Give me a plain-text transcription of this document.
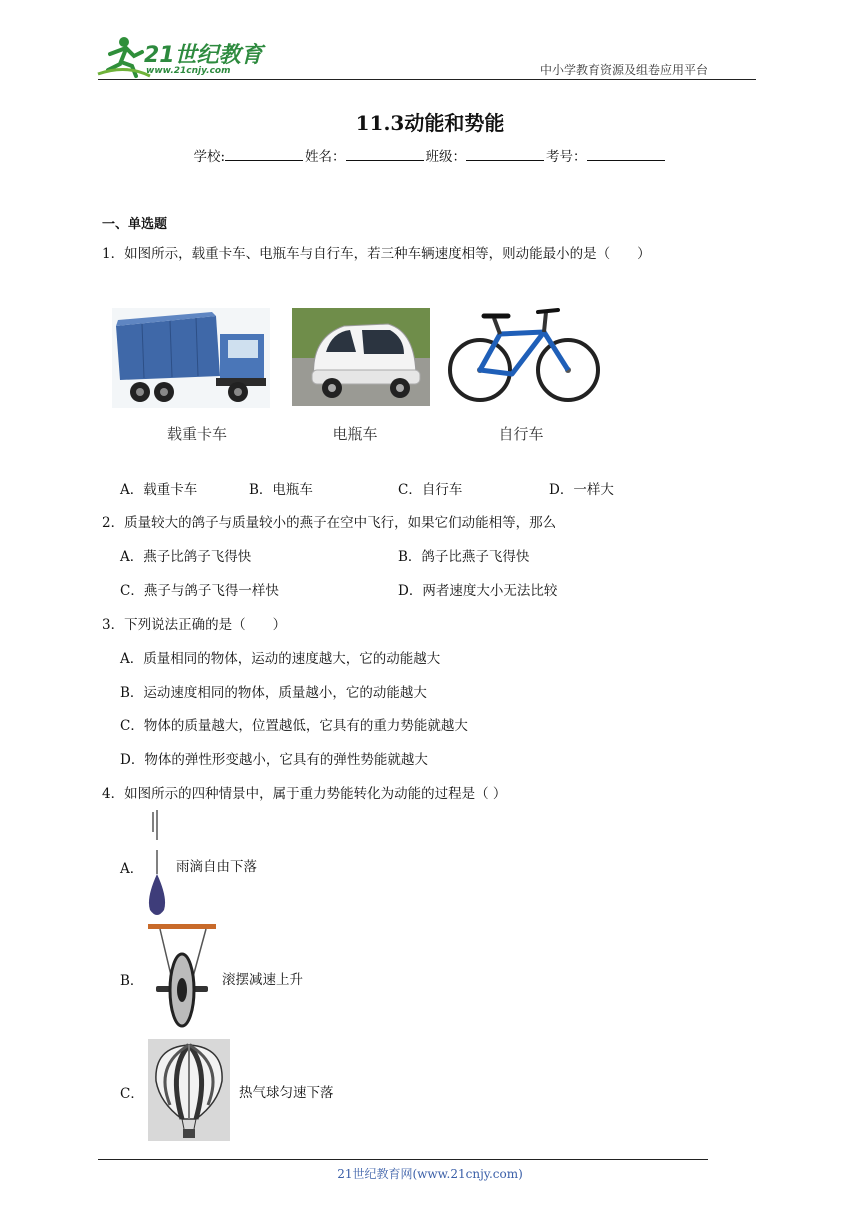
21世纪教育
www.21cnjy.com	中小学教育资源及组卷应用平台
11.3动能和势能
学校:	姓名：	班级：	考号：
一、单选题
1．如图所示，载重卡车、电瓶车与自行车，若三种车辆速度相等，则动能最小的是（　　）
载重卡车	电瓶车	自行车
A．载重卡车	B．电瓶车	C．自行车	D．一样大
2．质量较大的鸽子与质量较小的燕子在空中飞行，如果它们动能相等，那么
A．燕子比鸽子飞得快	B．鸽子比燕子飞得快
C．燕子与鸽子飞得一样快	D．两者速度大小无法比较
3．下列说法正确的是（　　）
A．质量相同的物体，运动的速度越大，它的动能越大
B．运动速度相同的物体，质量越小，它的动能越大
C．物体的质量越大，位置越低，它具有的重力势能就越大
D．物体的弹性形变越小，它具有的弹性势能就越大
4．如图所示的四种情景中，属于重力势能转化为动能的过程是（ ）
A． 雨滴自由下落
B．	滚摆减速上升
C．	热气球匀速下落
21世纪教育网(www.21cnjy.com)
